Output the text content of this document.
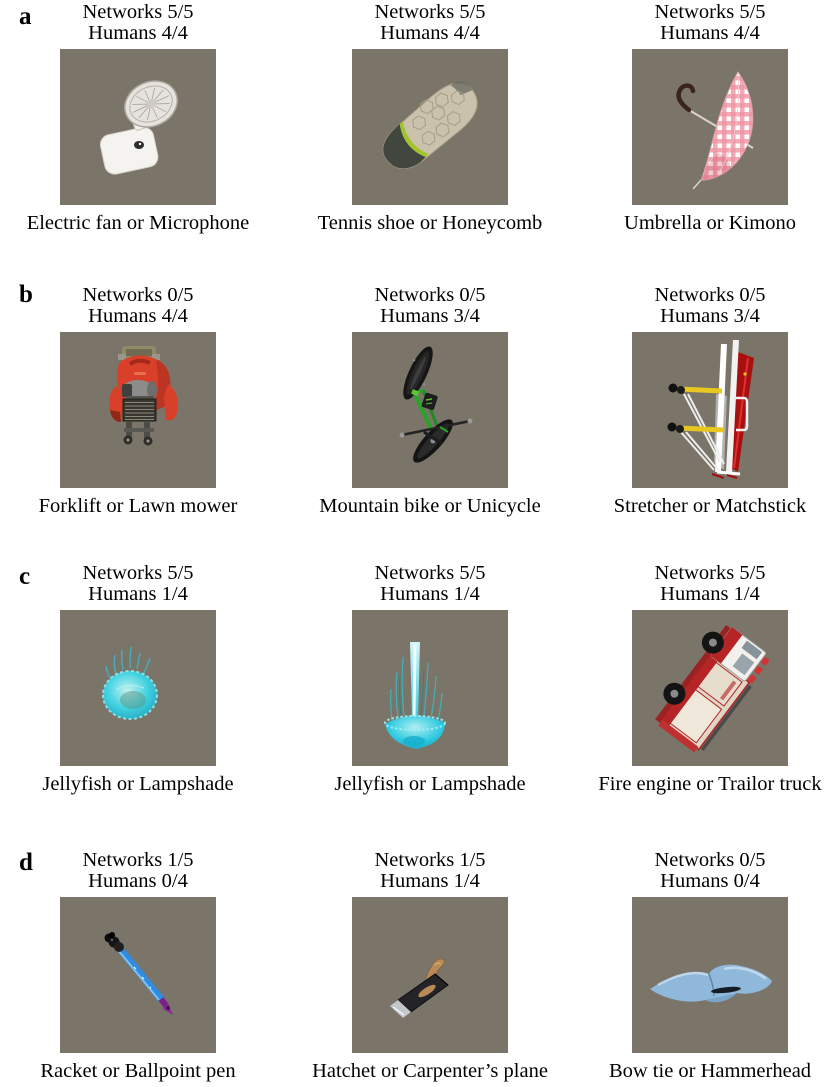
a
b
c
d
Networks 5/5
Humans 4/4
Electric fan or Microphone
Networks 5/5
Humans 4/4
Tennis shoe or Honeycomb
Networks 5/5
Humans 4/4
Umbrella or Kimono
Networks 0/5
Humans 4/4
Forklift or Lawn mower
Networks 0/5
Humans 3/4
Mountain bike or Unicycle
Networks 0/5
Humans 3/4
Stretcher or Matchstick
Networks 5/5
Humans 1/4
Jellyfish or Lampshade
Networks 5/5
Humans 1/4
Jellyfish or Lampshade
Networks 5/5
Humans 1/4
Fire engine or Trailor truck
Networks 1/5
Humans 0/4
Racket or Ballpoint pen
Networks 1/5
Humans 1/4
Hatchet or Carpenter’s plane
Networks 0/5
Humans 0/4
Bow tie or Hammerhead
